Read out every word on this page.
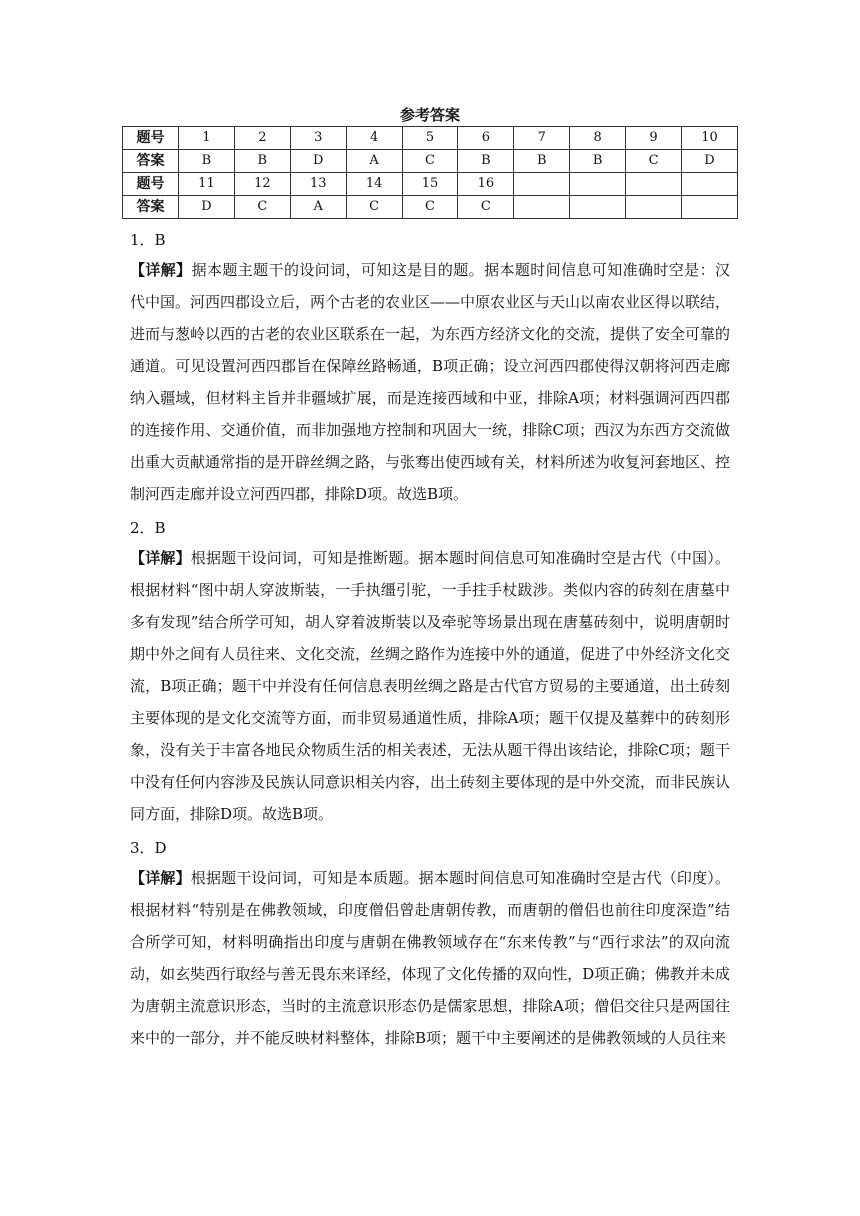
参考答案
题号	1	2	3	4	5	6	7	8	9	10
答案	B	B	D	A	C	B	B	B	C	D
题号	11	12	13	14	15	16				
答案	D	C	A	C	C	C				
1．B
【详解】据本题主题干的设问词，可知这是目的题。据本题时间信息可知准确时空是：汉代中国。河西四郡设立后，两个古老的农业区——中原农业区与天山以南农业区得以联结，进而与葱岭以西的古老的农业区联系在一起，为东西方经济文化的交流，提供了安全可靠的通道。可见设置河西四郡旨在保障丝路畅通，B项正确；设立河西四郡使得汉朝将河西走廊纳入疆域，但材料主旨并非疆域扩展，而是连接西域和中亚，排除A项；材料强调河西四郡的连接作用、交通价值，而非加强地方控制和巩固大一统，排除C项；西汉为东西方交流做出重大贡献通常指的是开辟丝绸之路，与张骞出使西域有关，材料所述为收复河套地区、控制河西走廊并设立河西四郡，排除D项。故选B项。
2．B
【详解】根据题干设问词，可知是推断题。据本题时间信息可知准确时空是古代（中国）。根据材料“图中胡人穿波斯装，一手执缰引驼，一手拄手杖跋涉。类似内容的砖刻在唐墓中多有发现”结合所学可知，胡人穿着波斯装以及牵驼等场景出现在唐墓砖刻中，说明唐朝时期中外之间有人员往来、文化交流，丝绸之路作为连接中外的通道，促进了中外经济文化交流，B项正确；题干中并没有任何信息表明丝绸之路是古代官方贸易的主要通道，出土砖刻主要体现的是文化交流等方面，而非贸易通道性质，排除A项；题干仅提及墓葬中的砖刻形象，没有关于丰富各地民众物质生活的相关表述，无法从题干得出该结论，排除C项；题干中没有任何内容涉及民族认同意识相关内容，出土砖刻主要体现的是中外交流，而非民族认同方面，排除D项。故选B项。
3．D
【详解】根据题干设问词，可知是本质题。据本题时间信息可知准确时空是古代（印度）。根据材料“特别是在佛教领域，印度僧侣曾赴唐朝传教，而唐朝的僧侣也前往印度深造”结合所学可知，材料明确指出印度与唐朝在佛教领域存在“东来传教”与“西行求法”的双向流动，如玄奘西行取经与善无畏东来译经，体现了文化传播的双向性，D项正确；佛教并未成为唐朝主流意识形态，当时的主流意识形态仍是儒家思想，排除A项；僧侣交往只是两国往来中的一部分，并不能反映材料整体，排除B项；题干中主要阐述的是佛教领域的人员往来
